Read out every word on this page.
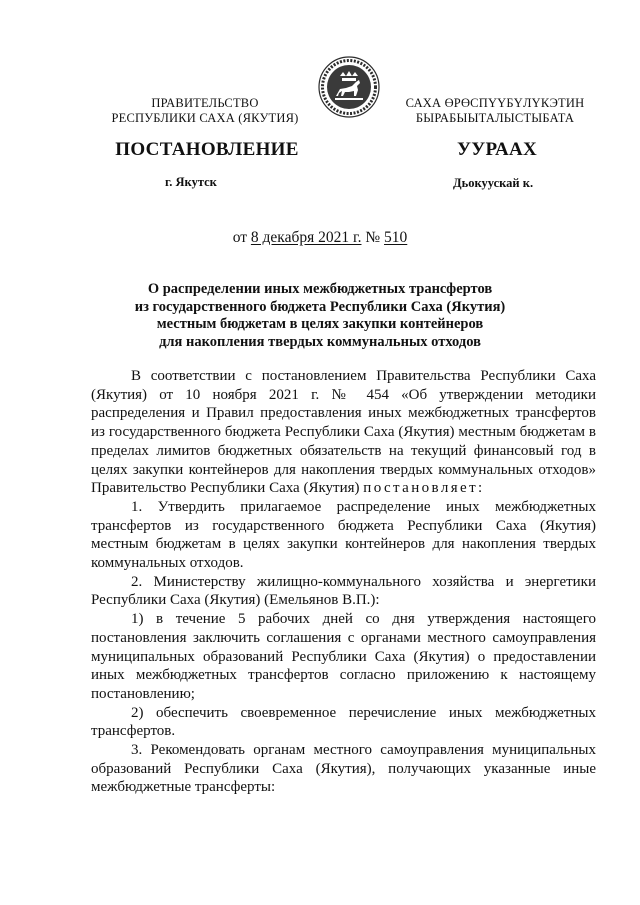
ПРАВИТЕЛЬСТВО
РЕСПУБЛИКИ САХА (ЯКУТИЯ)
САХА ӨРӨСПҮҮБҮЛҮКЭТИН
БЫРАБЫЫТАЛЫСТЫБАТА
ПОСТАНОВЛЕНИЕ	УУРААХ
г. Якутск	Дьокуускай к.
от 8 декабря 2021 г. № 510
О распределении иных межбюджетных трансфертов
из государственного бюджета Республики Саха (Якутия)
местным бюджетам в целях закупки контейнеров
для накопления твердых коммунальных отходов

В соответствии с постановлением Правительства Республики Саха (Якутия) от 10 ноября 2021 г. № 454 «Об утверждении методики распределения и Правил предоставления иных межбюджетных трансфертов из государственного бюджета Республики Саха (Якутия) местным бюджетам в пределах лимитов бюджетных обязательств на текущий финансовый год в целях закупки контейнеров для накопления твердых коммунальных отходов» Правительство Республики Саха (Якутия) постановляет:

1. Утвердить прилагаемое распределение иных межбюджетных трансфертов из государственного бюджета Республики Саха (Якутия) местным бюджетам в целях закупки контейнеров для накопления твердых коммунальных отходов.

2. Министерству жилищно-коммунального хозяйства и энергетики Республики Саха (Якутия) (Емельянов В.П.):

1) в течение 5 рабочих дней со дня утверждения настоящего постановления заключить соглашения с органами местного самоуправления муниципальных образований Республики Саха (Якутия) о предоставлении иных межбюджетных трансфертов согласно приложению к настоящему постановлению;

2) обеспечить своевременное перечисление иных межбюджетных трансфертов.

3. Рекомендовать органам местного самоуправления муниципальных образований Республики Саха (Якутия), получающих указанные иные межбюджетные трансферты:
